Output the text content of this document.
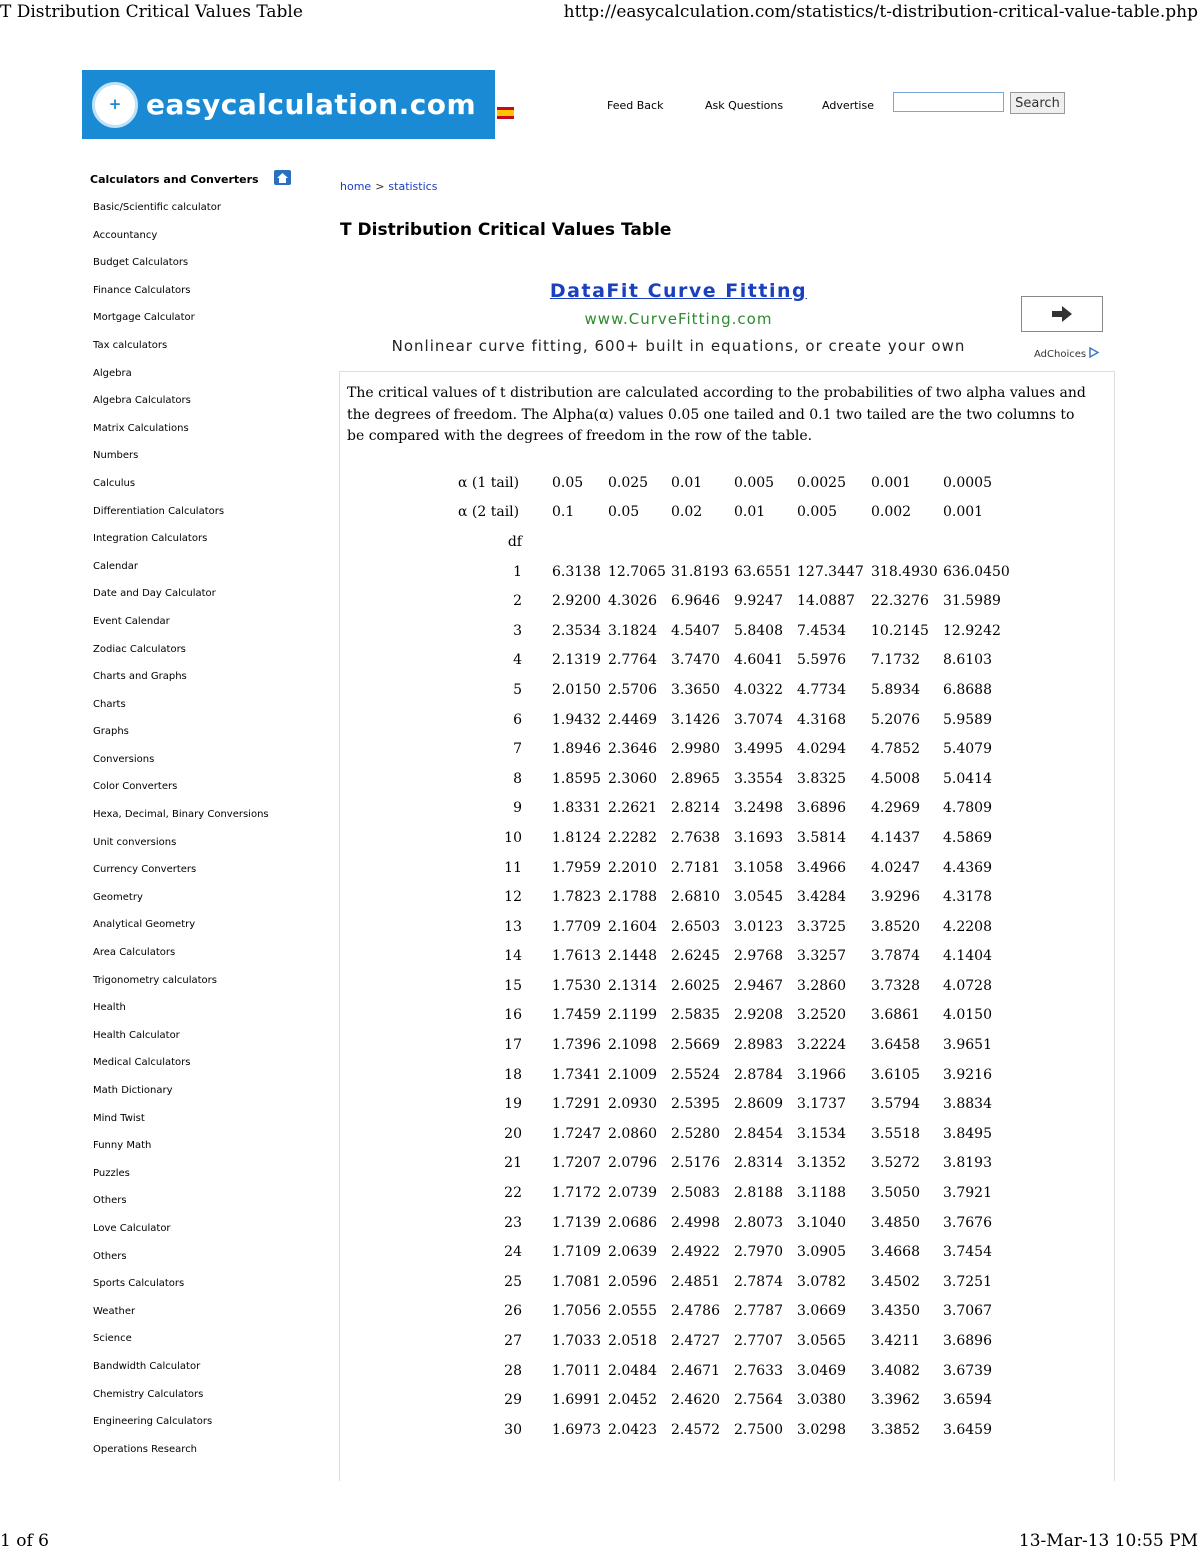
T Distribution Critical Values Table	http://easycalculation.com/statistics/t-distribution-critical-value-table.php
1 of 6	13-Mar-13 10:55 PM
+ easycalculation.com	Feed Back	Ask Questions	Advertise	Search
Calculators and Converters
Basic/Scientific calculator
Accountancy
Budget Calculators
Finance Calculators
Mortgage Calculator
Tax calculators
Algebra
Algebra Calculators
Matrix Calculations
Numbers
Calculus
Differentiation Calculators
Integration Calculators
Calendar
Date and Day Calculator
Event Calendar
Zodiac Calculators
Charts and Graphs
Charts
Graphs
Conversions
Color Converters
Hexa, Decimal, Binary Conversions
Unit conversions
Currency Converters
Geometry
Analytical Geometry
Area Calculators
Trigonometry calculators
Health
Health Calculator
Medical Calculators
Math Dictionary
Mind Twist
Funny Math
Puzzles
Others
Love Calculator
Others
Sports Calculators
Weather
Science
Bandwidth Calculator
Chemistry Calculators
Engineering Calculators
Operations Research
home > statistics
T Distribution Critical Values Table
DataFit Curve Fitting
www.CurveFitting.com
Nonlinear curve fitting, 600+ built in equations, or create your own	AdChoices
The critical values of t distribution are calculated according to the probabilities of two alpha values and the degrees of freedom. The Alpha(α) values 0.05 one tailed and 0.1 two tailed are the two columns to be compared with the degrees of freedom in the row of the table.
α (1 tail)	0.05	0.025	0.01	0.005	0.0025	0.001	0.0005
α (2 tail)	0.1	0.05	0.02	0.01	0.005	0.002	0.001
df							
1	6.3138	12.7065	31.8193	63.6551	127.3447	318.4930	636.0450
2	2.9200	4.3026	6.9646	9.9247	14.0887	22.3276	31.5989
3	2.3534	3.1824	4.5407	5.8408	7.4534	10.2145	12.9242
4	2.1319	2.7764	3.7470	4.6041	5.5976	7.1732	8.6103
5	2.0150	2.5706	3.3650	4.0322	4.7734	5.8934	6.8688
6	1.9432	2.4469	3.1426	3.7074	4.3168	5.2076	5.9589
7	1.8946	2.3646	2.9980	3.4995	4.0294	4.7852	5.4079
8	1.8595	2.3060	2.8965	3.3554	3.8325	4.5008	5.0414
9	1.8331	2.2621	2.8214	3.2498	3.6896	4.2969	4.7809
10	1.8124	2.2282	2.7638	3.1693	3.5814	4.1437	4.5869
11	1.7959	2.2010	2.7181	3.1058	3.4966	4.0247	4.4369
12	1.7823	2.1788	2.6810	3.0545	3.4284	3.9296	4.3178
13	1.7709	2.1604	2.6503	3.0123	3.3725	3.8520	4.2208
14	1.7613	2.1448	2.6245	2.9768	3.3257	3.7874	4.1404
15	1.7530	2.1314	2.6025	2.9467	3.2860	3.7328	4.0728
16	1.7459	2.1199	2.5835	2.9208	3.2520	3.6861	4.0150
17	1.7396	2.1098	2.5669	2.8983	3.2224	3.6458	3.9651
18	1.7341	2.1009	2.5524	2.8784	3.1966	3.6105	3.9216
19	1.7291	2.0930	2.5395	2.8609	3.1737	3.5794	3.8834
20	1.7247	2.0860	2.5280	2.8454	3.1534	3.5518	3.8495
21	1.7207	2.0796	2.5176	2.8314	3.1352	3.5272	3.8193
22	1.7172	2.0739	2.5083	2.8188	3.1188	3.5050	3.7921
23	1.7139	2.0686	2.4998	2.8073	3.1040	3.4850	3.7676
24	1.7109	2.0639	2.4922	2.7970	3.0905	3.4668	3.7454
25	1.7081	2.0596	2.4851	2.7874	3.0782	3.4502	3.7251
26	1.7056	2.0555	2.4786	2.7787	3.0669	3.4350	3.7067
27	1.7033	2.0518	2.4727	2.7707	3.0565	3.4211	3.6896
28	1.7011	2.0484	2.4671	2.7633	3.0469	3.4082	3.6739
29	1.6991	2.0452	2.4620	2.7564	3.0380	3.3962	3.6594
30	1.6973	2.0423	2.4572	2.7500	3.0298	3.3852	3.6459
